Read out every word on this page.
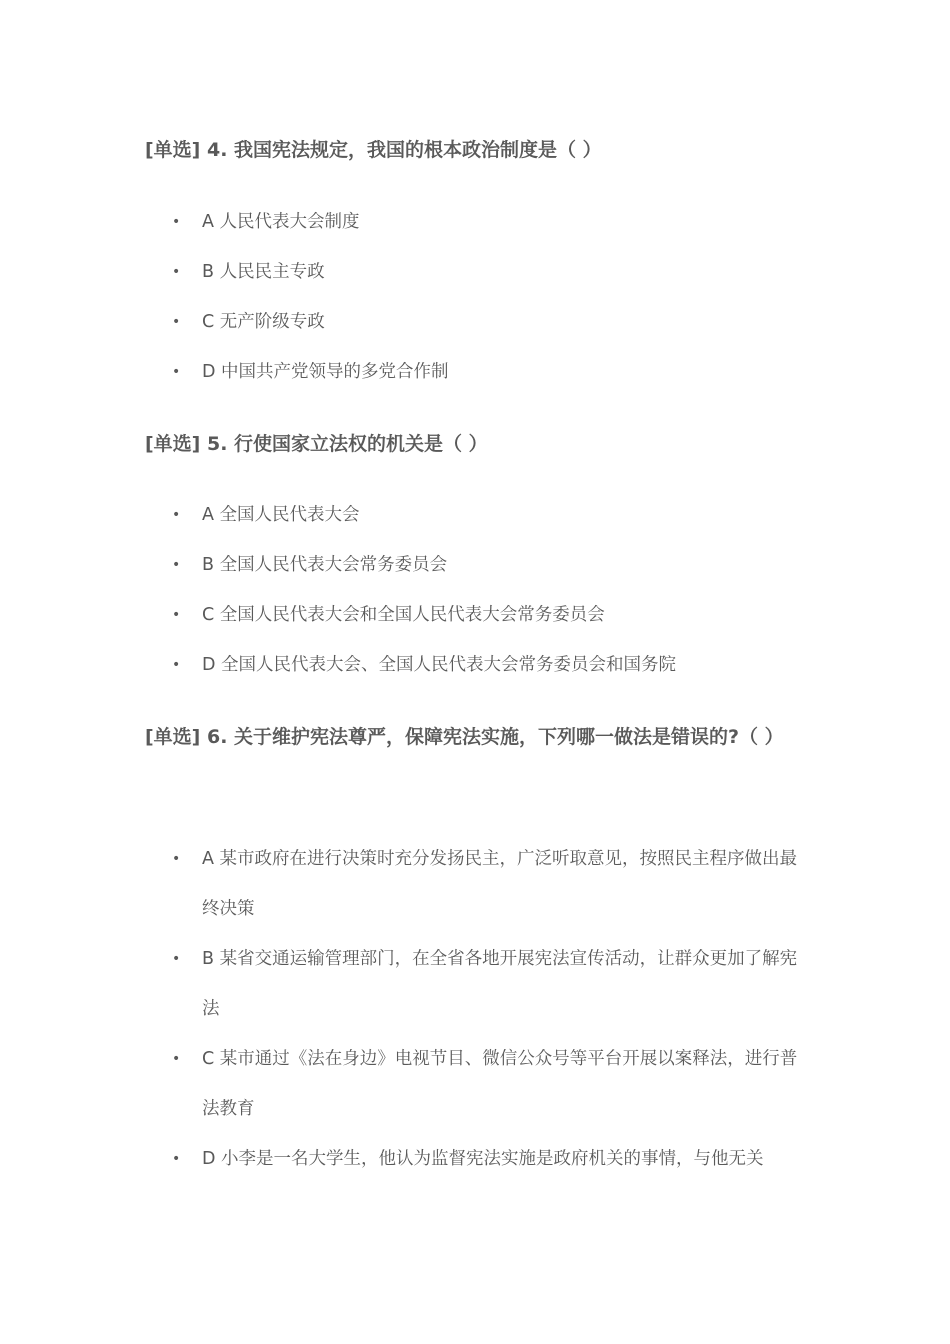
[单选] 4. 我国宪法规定，我国的根本政治制度是（ ）

• A 人民代表大会制度
• B 人民民主专政
• C 无产阶级专政
• D 中国共产党领导的多党合作制

[单选] 5. 行使国家立法权的机关是（ ）

• A 全国人民代表大会
• B 全国人民代表大会常务委员会
• C 全国人民代表大会和全国人民代表大会常务委员会
• D 全国人民代表大会、全国人民代表大会常务委员会和国务院

[单选] 6. 关于维护宪法尊严，保障宪法实施，下列哪一做法是错误的?（ ）

• A 某市政府在进行决策时充分发扬民主，广泛听取意见，按照民主程序做出最终决策
• B 某省交通运输管理部门，在全省各地开展宪法宣传活动，让群众更加了解宪法
• C 某市通过《法在身边》电视节目、微信公众号等平台开展以案释法，进行普法教育
• D 小李是一名大学生，他认为监督宪法实施是政府机关的事情，与他无关
